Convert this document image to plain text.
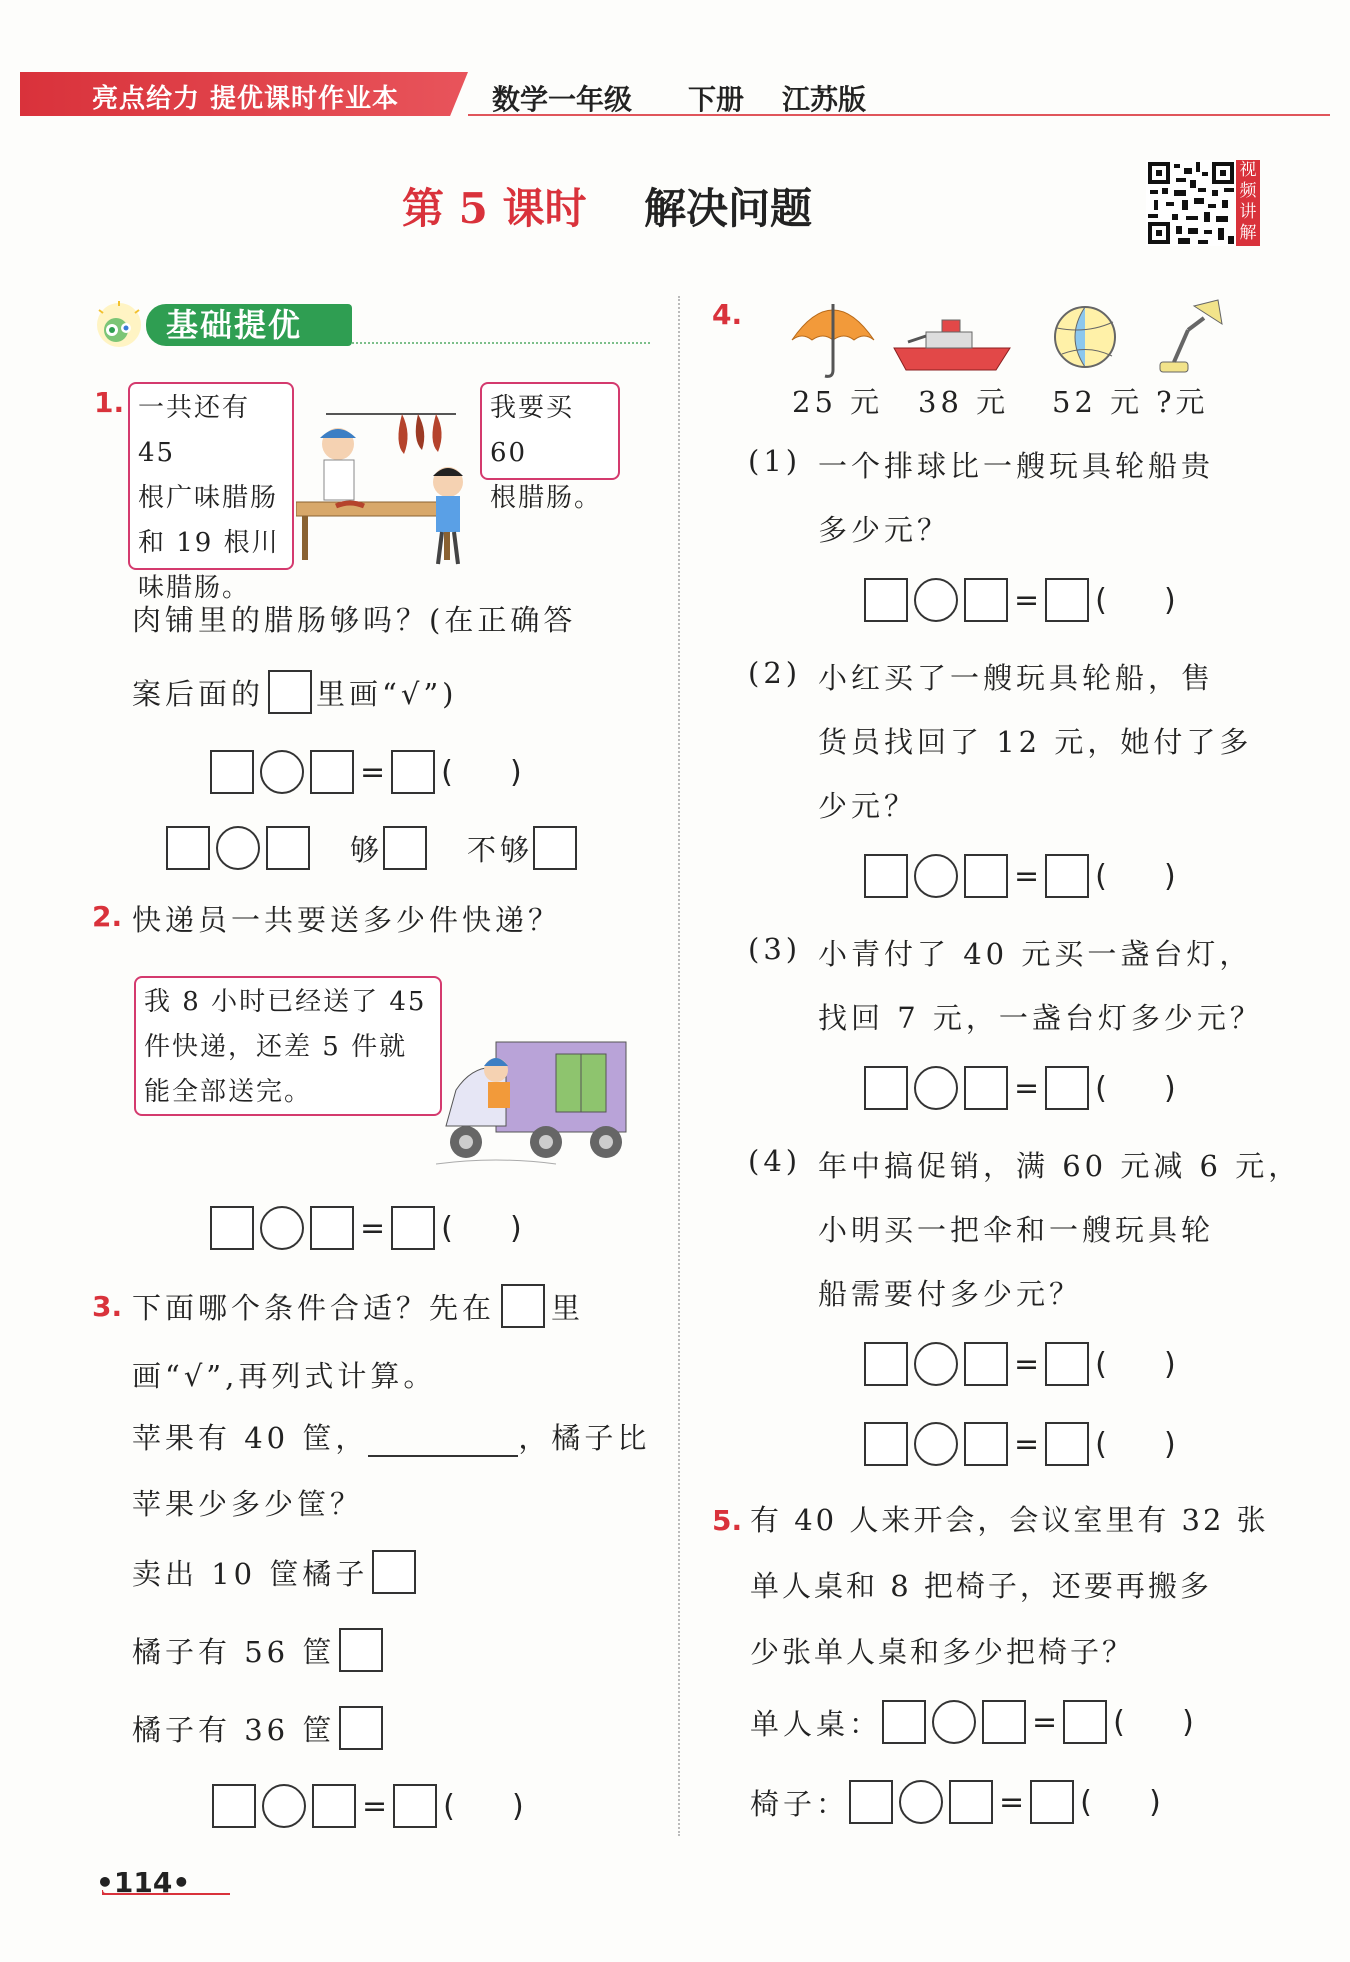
亮点给力 提优课时作业本	数学一年级 下册 江苏版
第 5 课时 解决问题
视频讲解
基础提优
1. 一共还有 45
根广味腊肠
和 19 根川
味腊肠。
我要买 60
根腊肠。
肉铺里的腊肠够吗？(在正确答
案后面的 里画“√”)
= (      )
够	不够
2. 快递员一共要送多少件快递？
我 8 小时已经送了 45
件快递，还差 5 件就
能全部送完。
= (      )
3. 下面哪个条件合适？先在 里
画“√”,再列式计算。
苹果有 40 筐，	，橘子比
苹果少多少筐？
卖出 10 筐橘子
橘子有 56 筐
橘子有 36 筐
= (      )
4.
25 元 38 元 52 元 ?元
(1) 一个排球比一艘玩具轮船贵
多少元？
= (      )
(2) 小红买了一艘玩具轮船，售
货员找回了 12 元，她付了多
少元？
= (      )
(3) 小青付了 40 元买一盏台灯，
找回 7 元，一盏台灯多少元？
= (      )
(4) 年中搞促销，满 60 元减 6 元，
小明买一把伞和一艘玩具轮
船需要付多少元？
= (      )
= (      )
5. 有 40 人来开会，会议室里有 32 张
单人桌和 8 把椅子，还要再搬多
少张单人桌和多少把椅子？
单人桌：	= (      )
椅子：	= (      )
•114•
